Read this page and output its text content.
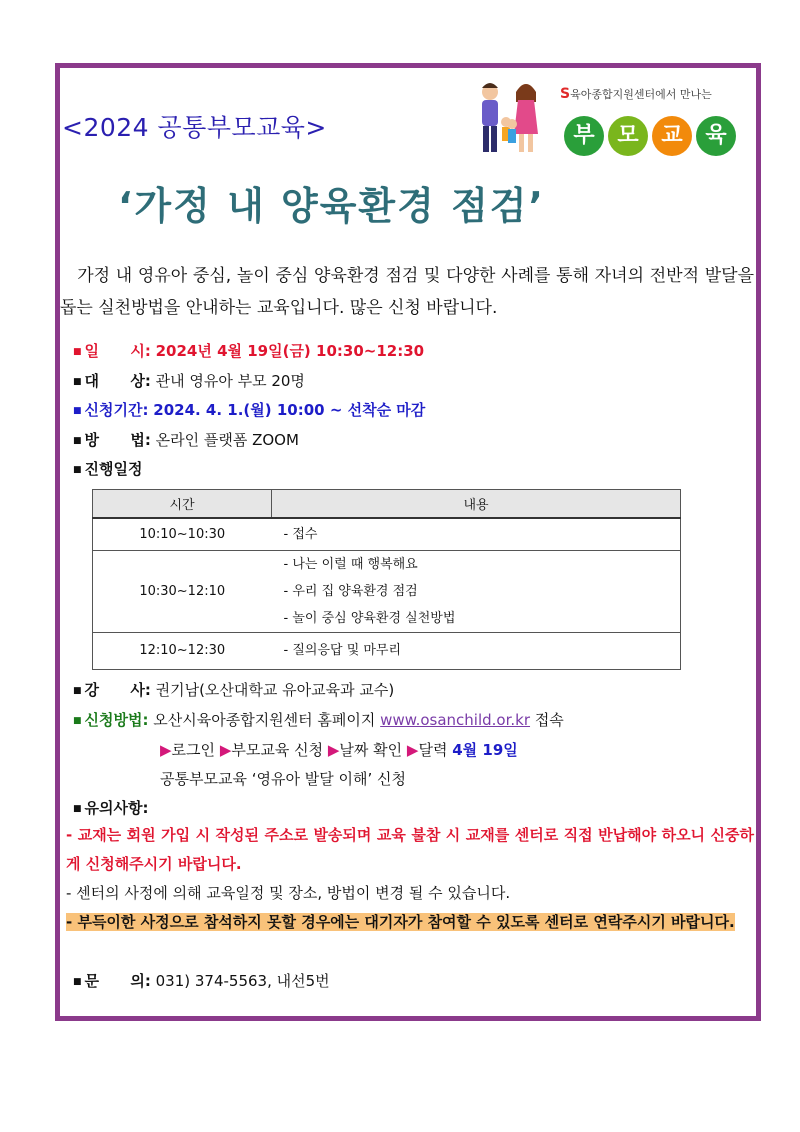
<2024 공통부모교육>
S육아종합지원센터에서 만나는
부 모 교 육
‘가정 내 양육환경 점검’
가정 내 영유아 중심, 놀이 중심 양육환경 점검 및 다양한 사례를 통해 자녀의 전반적 발달을 돕는 실천방법을 안내하는 교육입니다. 많은 신청 바랍니다.
■ 일      시: 2024년 4월 19일(금) 10:30~12:30
■ 대      상: 관내 영유아 부모 20명
■ 신청기간: 2024. 4. 1.(월) 10:00 ~ 선착순 마감
■ 방      법: 온라인 플랫폼 ZOOM
■ 진행일정
시간	내용
10:10~10:30	- 접수

10:30~12:10	- 나는 이럴 때 행복해요
- 우리 집 양육환경 점검
- 놀이 중심 양육환경 실천방법

12:10~12:30	- 질의응답 및 마무리
■ 강      사: 권기남(오산대학교 유아교육과 교수)
■ 신청방법: 오산시육아종합지원센터 홈페이지 www.osanchild.or.kr 접속
▶로그인 ▶부모교육 신청 ▶날짜 확인 ▶달력 4월 19일
공통부모교육 ‘영유아 발달 이해’ 신청
■ 유의사항:
- 교재는 회원 가입 시 작성된 주소로 발송되며 교육 불참 시 교재를 센터로 직접 반납해야 하오니 신중하게 신청해주시기 바랍니다.
- 센터의 사정에 의해 교육일정 및 장소, 방법이 변경 될 수 있습니다.
- 부득이한 사정으로 참석하지 못할 경우에는 대기자가 참여할 수 있도록 센터로 연락주시기 바랍니다.
■ 문      의: 031) 374-5563, 내선5번
